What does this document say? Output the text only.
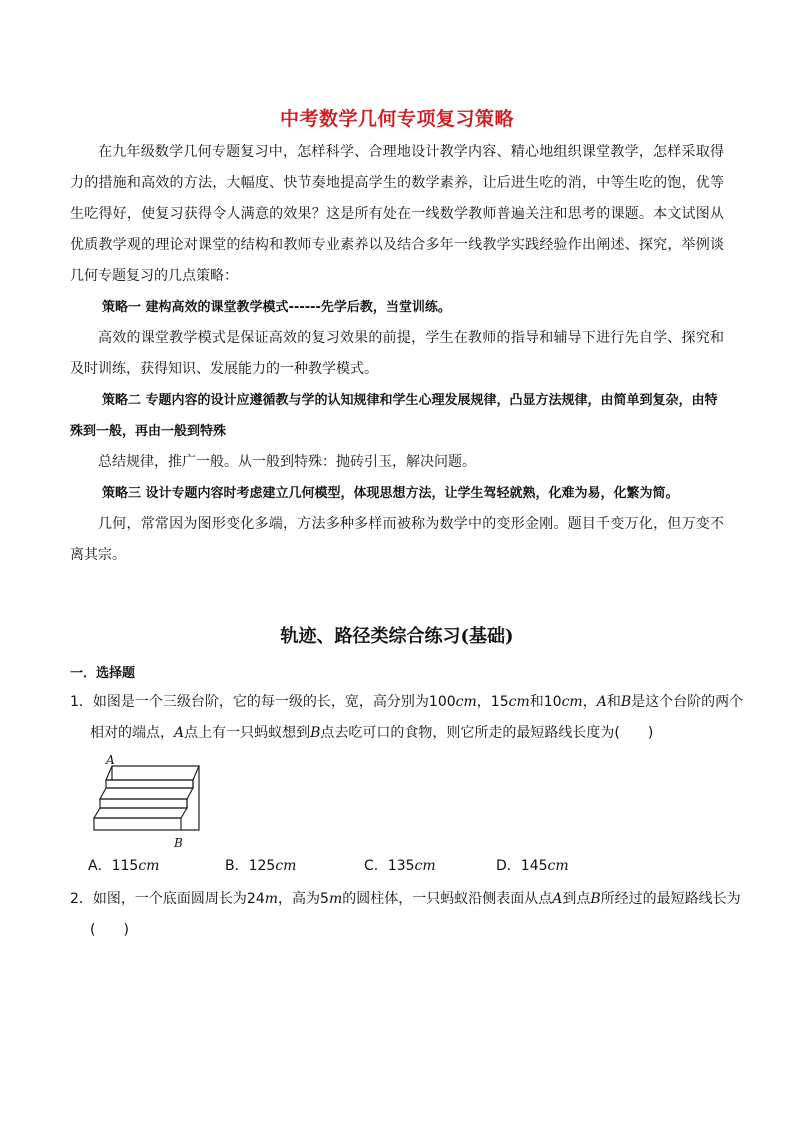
中考数学几何专项复习策略

在九年级数学几何专题复习中，怎样科学、合理地设计教学内容、精心地组织课堂教学，怎样采取得力的措施和高效的方法，大幅度、快节奏地提高学生的数学素养，让后进生吃的消，中等生吃的饱，优等生吃得好，使复习获得令人满意的效果？这是所有处在一线数学教师普遍关注和思考的课题。本文试图从优质教学观的理论对课堂的结构和教师专业素养以及结合多年一线教学实践经验作出阐述、探究，举例谈几何专题复习的几点策略：

策略一 建构高效的课堂教学模式------先学后教，当堂训练。

高效的课堂教学模式是保证高效的复习效果的前提，学生在教师的指导和辅导下进行先自学、探究和及时训练，获得知识、发展能力的一种教学模式。

策略二 专题内容的设计应遵循教与学的认知规律和学生心理发展规律，凸显方法规律，由简单到复杂，由特殊到一般，再由一般到特殊

总结规律，推广一般。从一般到特殊：抛砖引玉，解决问题。

策略三 设计专题内容时考虑建立几何模型，体现思想方法，让学生驾轻就熟，化难为易，化繁为简。

几何，常常因为图形变化多端，方法多种多样而被称为数学中的变形金刚。题目千变万化，但万变不离其宗。

轨迹、路径类综合练习(基础)
一．选择题

1．如图是一个三级台阶，它的每一级的长，宽，高分别为100cm，15cm和10cm，A和B是这个台阶的两个相对的端点，A点上有一只蚂蚁想到B点去吃可口的食物，则它所走的最短路线长度为(　　)

A
B
A．115cm	B．125cm	C．135cm	D．145cm

2．如图，一个底面圆周长为24m，高为5m的圆柱体，一只蚂蚁沿侧表面从点A到点B所经过的最短路线长为(　　)
